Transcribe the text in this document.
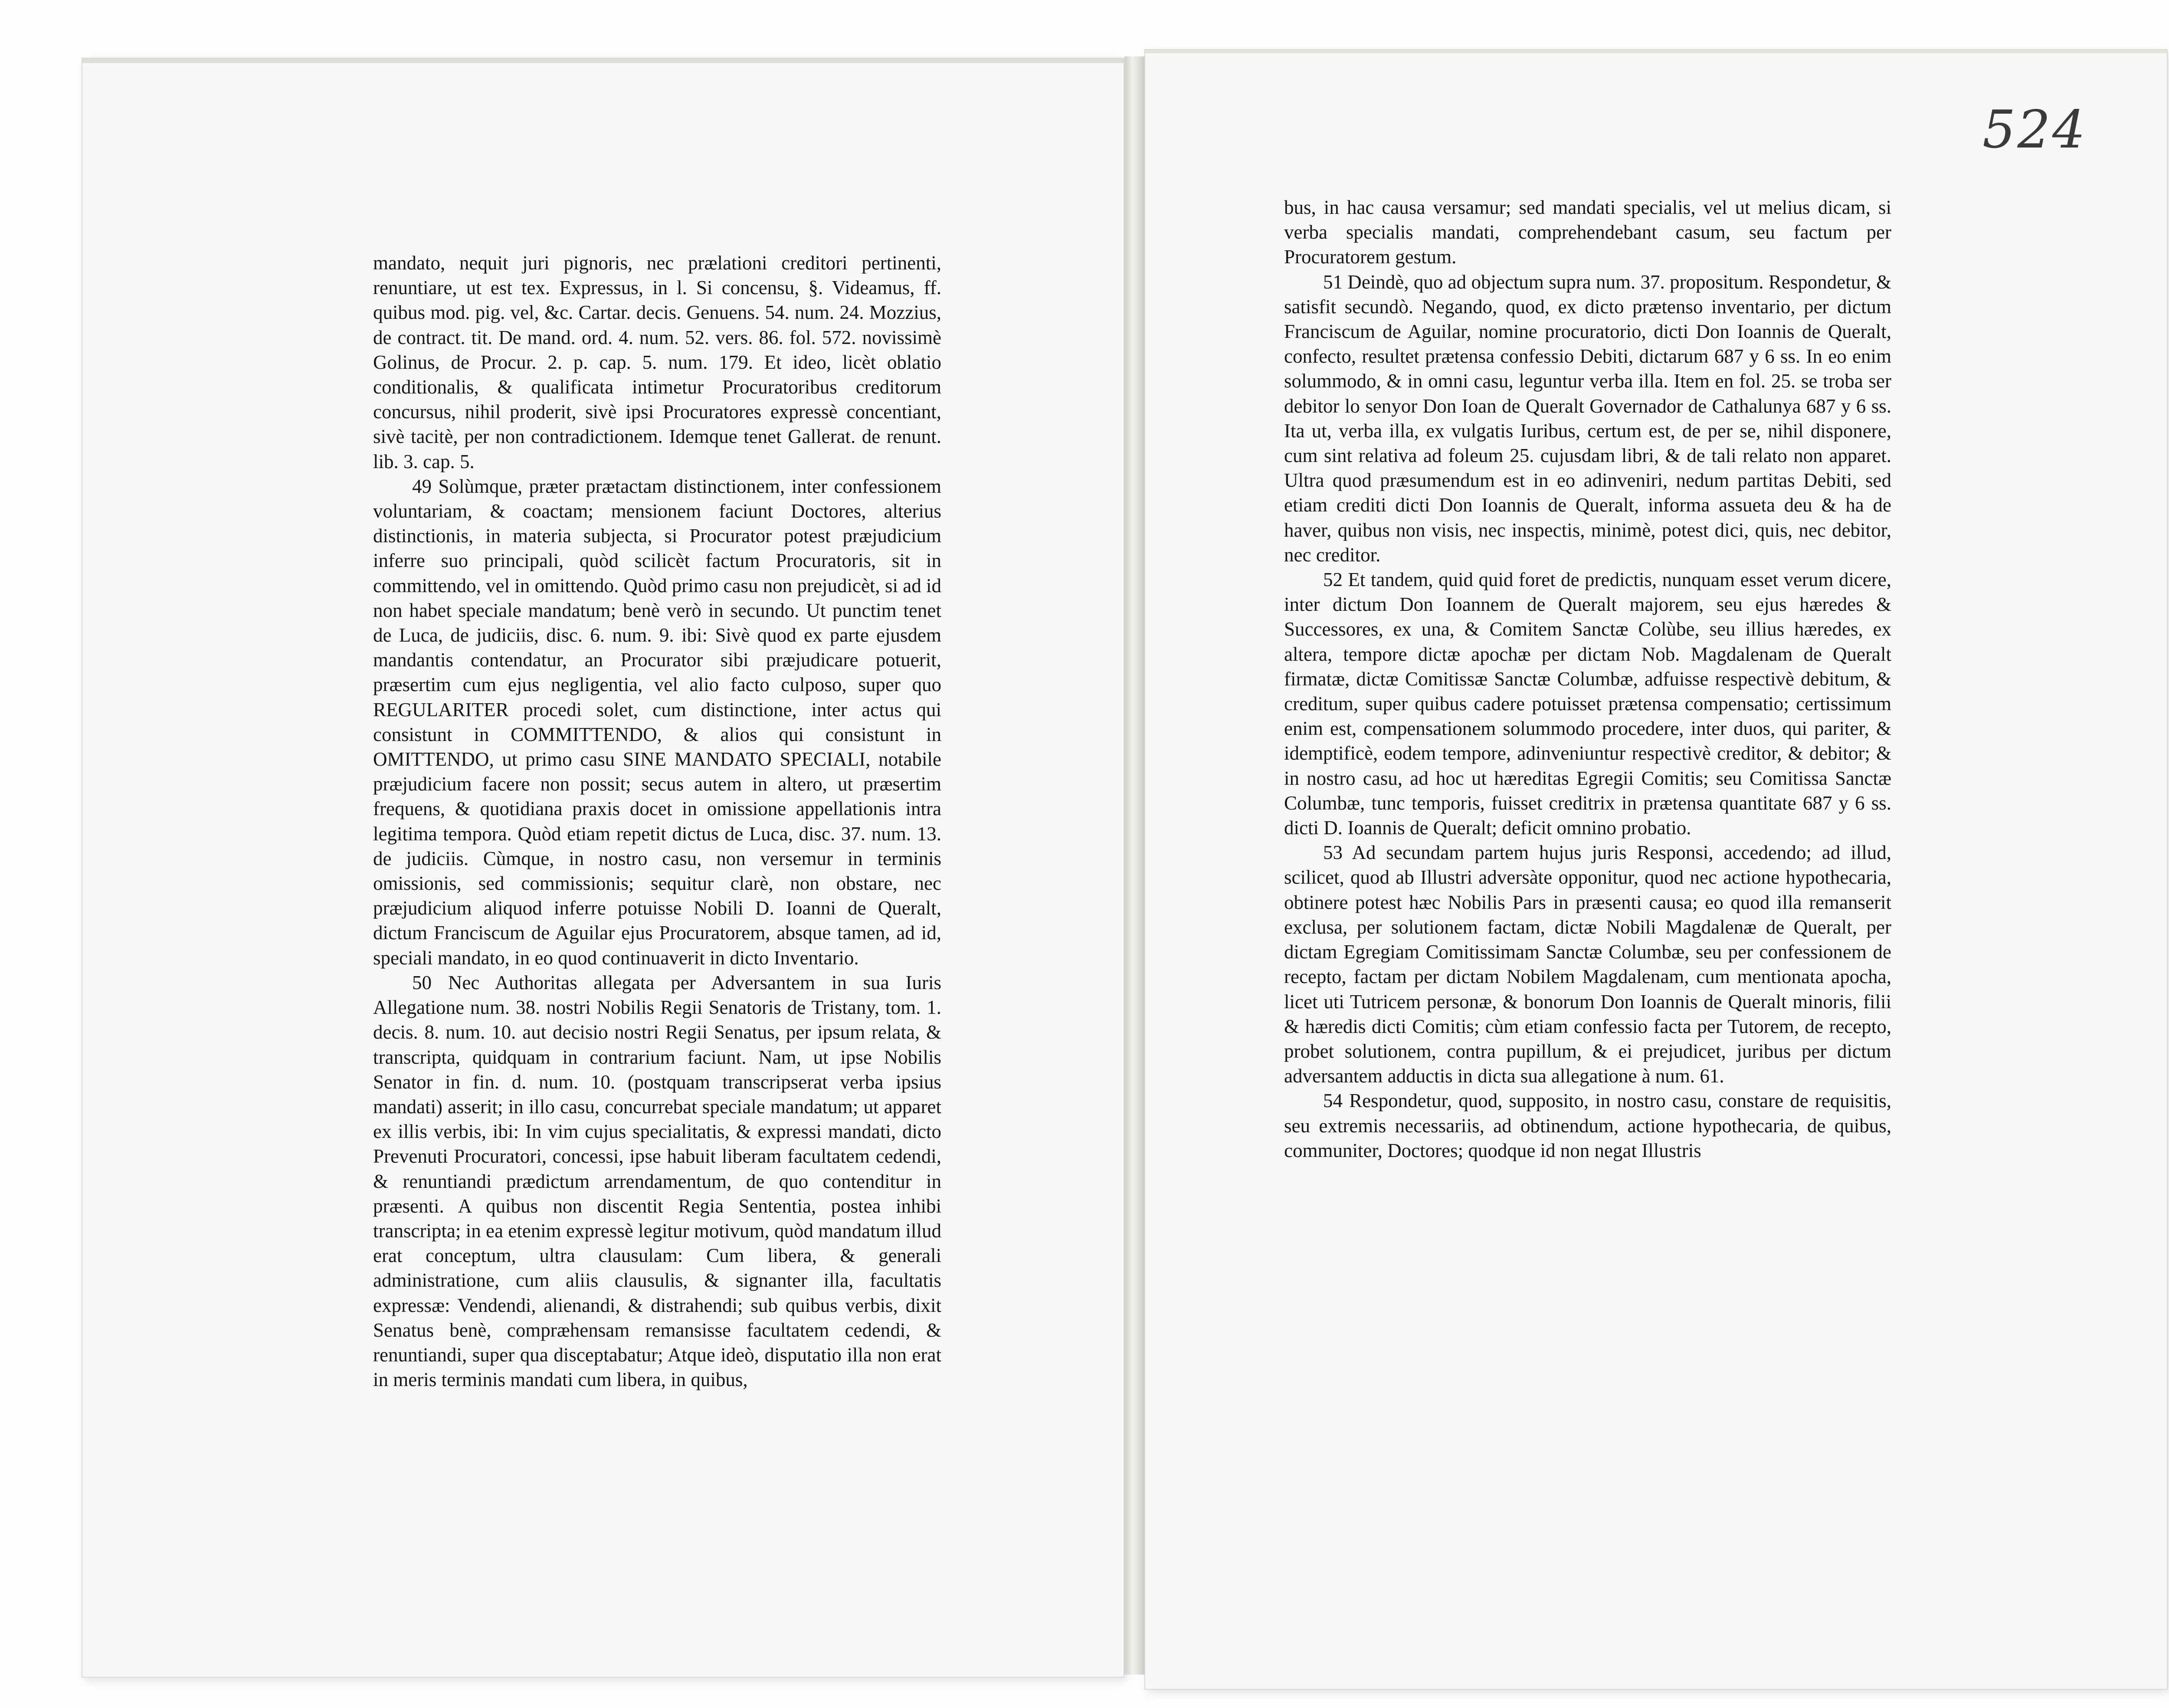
524

mandato, nequit juri pignoris, nec prælationi creditori pertinenti, renuntiare, ut est tex. Expressus, in l. Si concensu, §. Videamus, ff. quibus mod. pig. vel, &c. Cartar. decis. Genuens. 54. num. 24. Mozzius, de contract. tit. De mand. ord. 4. num. 52. vers. 86. fol. 572. novissimè Golinus, de Procur. 2. p. cap. 5. num. 179. Et ideo, licèt oblatio conditionalis, & qualificata intimetur Procuratoribus creditorum concursus, nihil proderit, sivè ipsi Procuratores expressè concentiant, sivè tacitè, per non contradictionem. Idemque tenet Gallerat. de renunt. lib. 3. cap. 5.

49 Solùmque, præter prætactam distinctionem, inter confessionem voluntariam, & coactam; mensionem faciunt Doctores, alterius distinctionis, in materia subjecta, si Procurator potest præjudicium inferre suo principali, quòd scilicèt factum Procuratoris, sit in committendo, vel in omittendo. Quòd primo casu non prejudicèt, si ad id non habet speciale mandatum; benè verò in secundo. Ut punctim tenet de Luca, de judiciis, disc. 6. num. 9. ibi: Sivè quod ex parte ejusdem mandantis contendatur, an Procurator sibi præjudicare potuerit, præsertim cum ejus negligentia, vel alio facto culposo, super quo REGULARITER procedi solet, cum distinctione, inter actus qui consistunt in COMMITTENDO, & alios qui consistunt in OMITTENDO, ut primo casu SINE MANDATO SPECIALI, notabile præjudicium facere non possit; secus autem in altero, ut præsertim frequens, & quotidiana praxis docet in omissione appellationis intra legitima tempora. Quòd etiam repetit dictus de Luca, disc. 37. num. 13. de judiciis. Cùmque, in nostro casu, non versemur in terminis omissionis, sed commissionis; sequitur clarè, non obstare, nec præjudicium aliquod inferre potuisse Nobili D. Ioanni de Queralt, dictum Franciscum de Aguilar ejus Procuratorem, absque tamen, ad id, speciali mandato, in eo quod continuaverit in dicto Inventario.

50 Nec Authoritas allegata per Adversantem in sua Iuris Allegatione num. 38. nostri Nobilis Regii Senatoris de Tristany, tom. 1. decis. 8. num. 10. aut decisio nostri Regii Senatus, per ipsum relata, & transcripta, quidquam in contrarium faciunt. Nam, ut ipse Nobilis Senator in fin. d. num. 10. (postquam transcripserat verba ipsius mandati) asserit; in illo casu, concurrebat speciale mandatum; ut apparet ex illis verbis, ibi: In vim cujus specialitatis, & expressi mandati, dicto Prevenuti Procuratori, concessi, ipse habuit liberam facultatem cedendi, & renuntiandi prædictum arrendamentum, de quo contenditur in præsenti. A quibus non discentit Regia Sententia, postea inhibi transcripta; in ea etenim expressè legitur motivum, quòd mandatum illud erat conceptum, ultra clausulam: Cum libera, & generali administratione, cum aliis clausulis, & signanter illa, facultatis expressæ: Vendendi, alienandi, & distrahendi; sub quibus verbis, dixit Senatus benè, compræhensam remansisse facultatem cedendi, & renuntiandi, super qua disceptabatur; Atque ideò, disputatio illa non erat in meris terminis mandati cum libera, in quibus,

bus, in hac causa versamur; sed mandati specialis, vel ut melius dicam, si verba specialis mandati, comprehendebant casum, seu factum per Procuratorem gestum.

51 Deindè, quo ad objectum supra num. 37. propositum. Respondetur, & satisfit secundò. Negando, quod, ex dicto prætenso inventario, per dictum Franciscum de Aguilar, nomine procuratorio, dicti Don Ioannis de Queralt, confecto, resultet prætensa confessio Debiti, dictarum 687 y 6 ss. In eo enim solummodo, & in omni casu, leguntur verba illa. Item en fol. 25. se troba ser debitor lo senyor Don Ioan de Queralt Governador de Cathalunya 687 y 6 ss. Ita ut, verba illa, ex vulgatis Iuribus, certum est, de per se, nihil disponere, cum sint relativa ad foleum 25. cujusdam libri, & de tali relato non apparet. Ultra quod præsumendum est in eo adinveniri, nedum partitas Debiti, sed etiam crediti dicti Don Ioannis de Queralt, informa assueta deu & ha de haver, quibus non visis, nec inspectis, minimè, potest dici, quis, nec debitor, nec creditor.

52 Et tandem, quid quid foret de predictis, nunquam esset verum dicere, inter dictum Don Ioannem de Queralt majorem, seu ejus hæredes & Successores, ex una, & Comitem Sanctæ Colùbe, seu illius hæredes, ex altera, tempore dictæ apochæ per dictam Nob. Magdalenam de Queralt firmatæ, dictæ Comitissæ Sanctæ Columbæ, adfuisse respectivè debitum, & creditum, super quibus cadere potuisset prætensa compensatio; certissimum enim est, compensationem solummodo procedere, inter duos, qui pariter, & idemptificè, eodem tempore, adinveniuntur respectivè creditor, & debitor; & in nostro casu, ad hoc ut hæreditas Egregii Comitis; seu Comitissa Sanctæ Columbæ, tunc temporis, fuisset creditrix in prætensa quantitate 687 y 6 ss. dicti D. Ioannis de Queralt; deficit omnino probatio.

53 Ad secundam partem hujus juris Responsi, accedendo; ad illud, scilicet, quod ab Illustri adversàte opponitur, quod nec actione hypothecaria, obtinere potest hæc Nobilis Pars in præsenti causa; eo quod illa remanserit exclusa, per solutionem factam, dictæ Nobili Magdalenæ de Queralt, per dictam Egregiam Comitissimam Sanctæ Columbæ, seu per confessionem de recepto, factam per dictam Nobilem Magdalenam, cum mentionata apocha, licet uti Tutricem personæ, & bonorum Don Ioannis de Queralt minoris, filii & hæredis dicti Comitis; cùm etiam confessio facta per Tutorem, de recepto, probet solutionem, contra pupillum, & ei prejudicet, juribus per dictum adversantem adductis in dicta sua allegatione à num. 61.

54 Respondetur, quod, supposito, in nostro casu, constare de requisitis, seu extremis necessariis, ad obtinendum, actione hypothecaria, de quibus, communiter, Doctores; quodque id non negat Illustris
